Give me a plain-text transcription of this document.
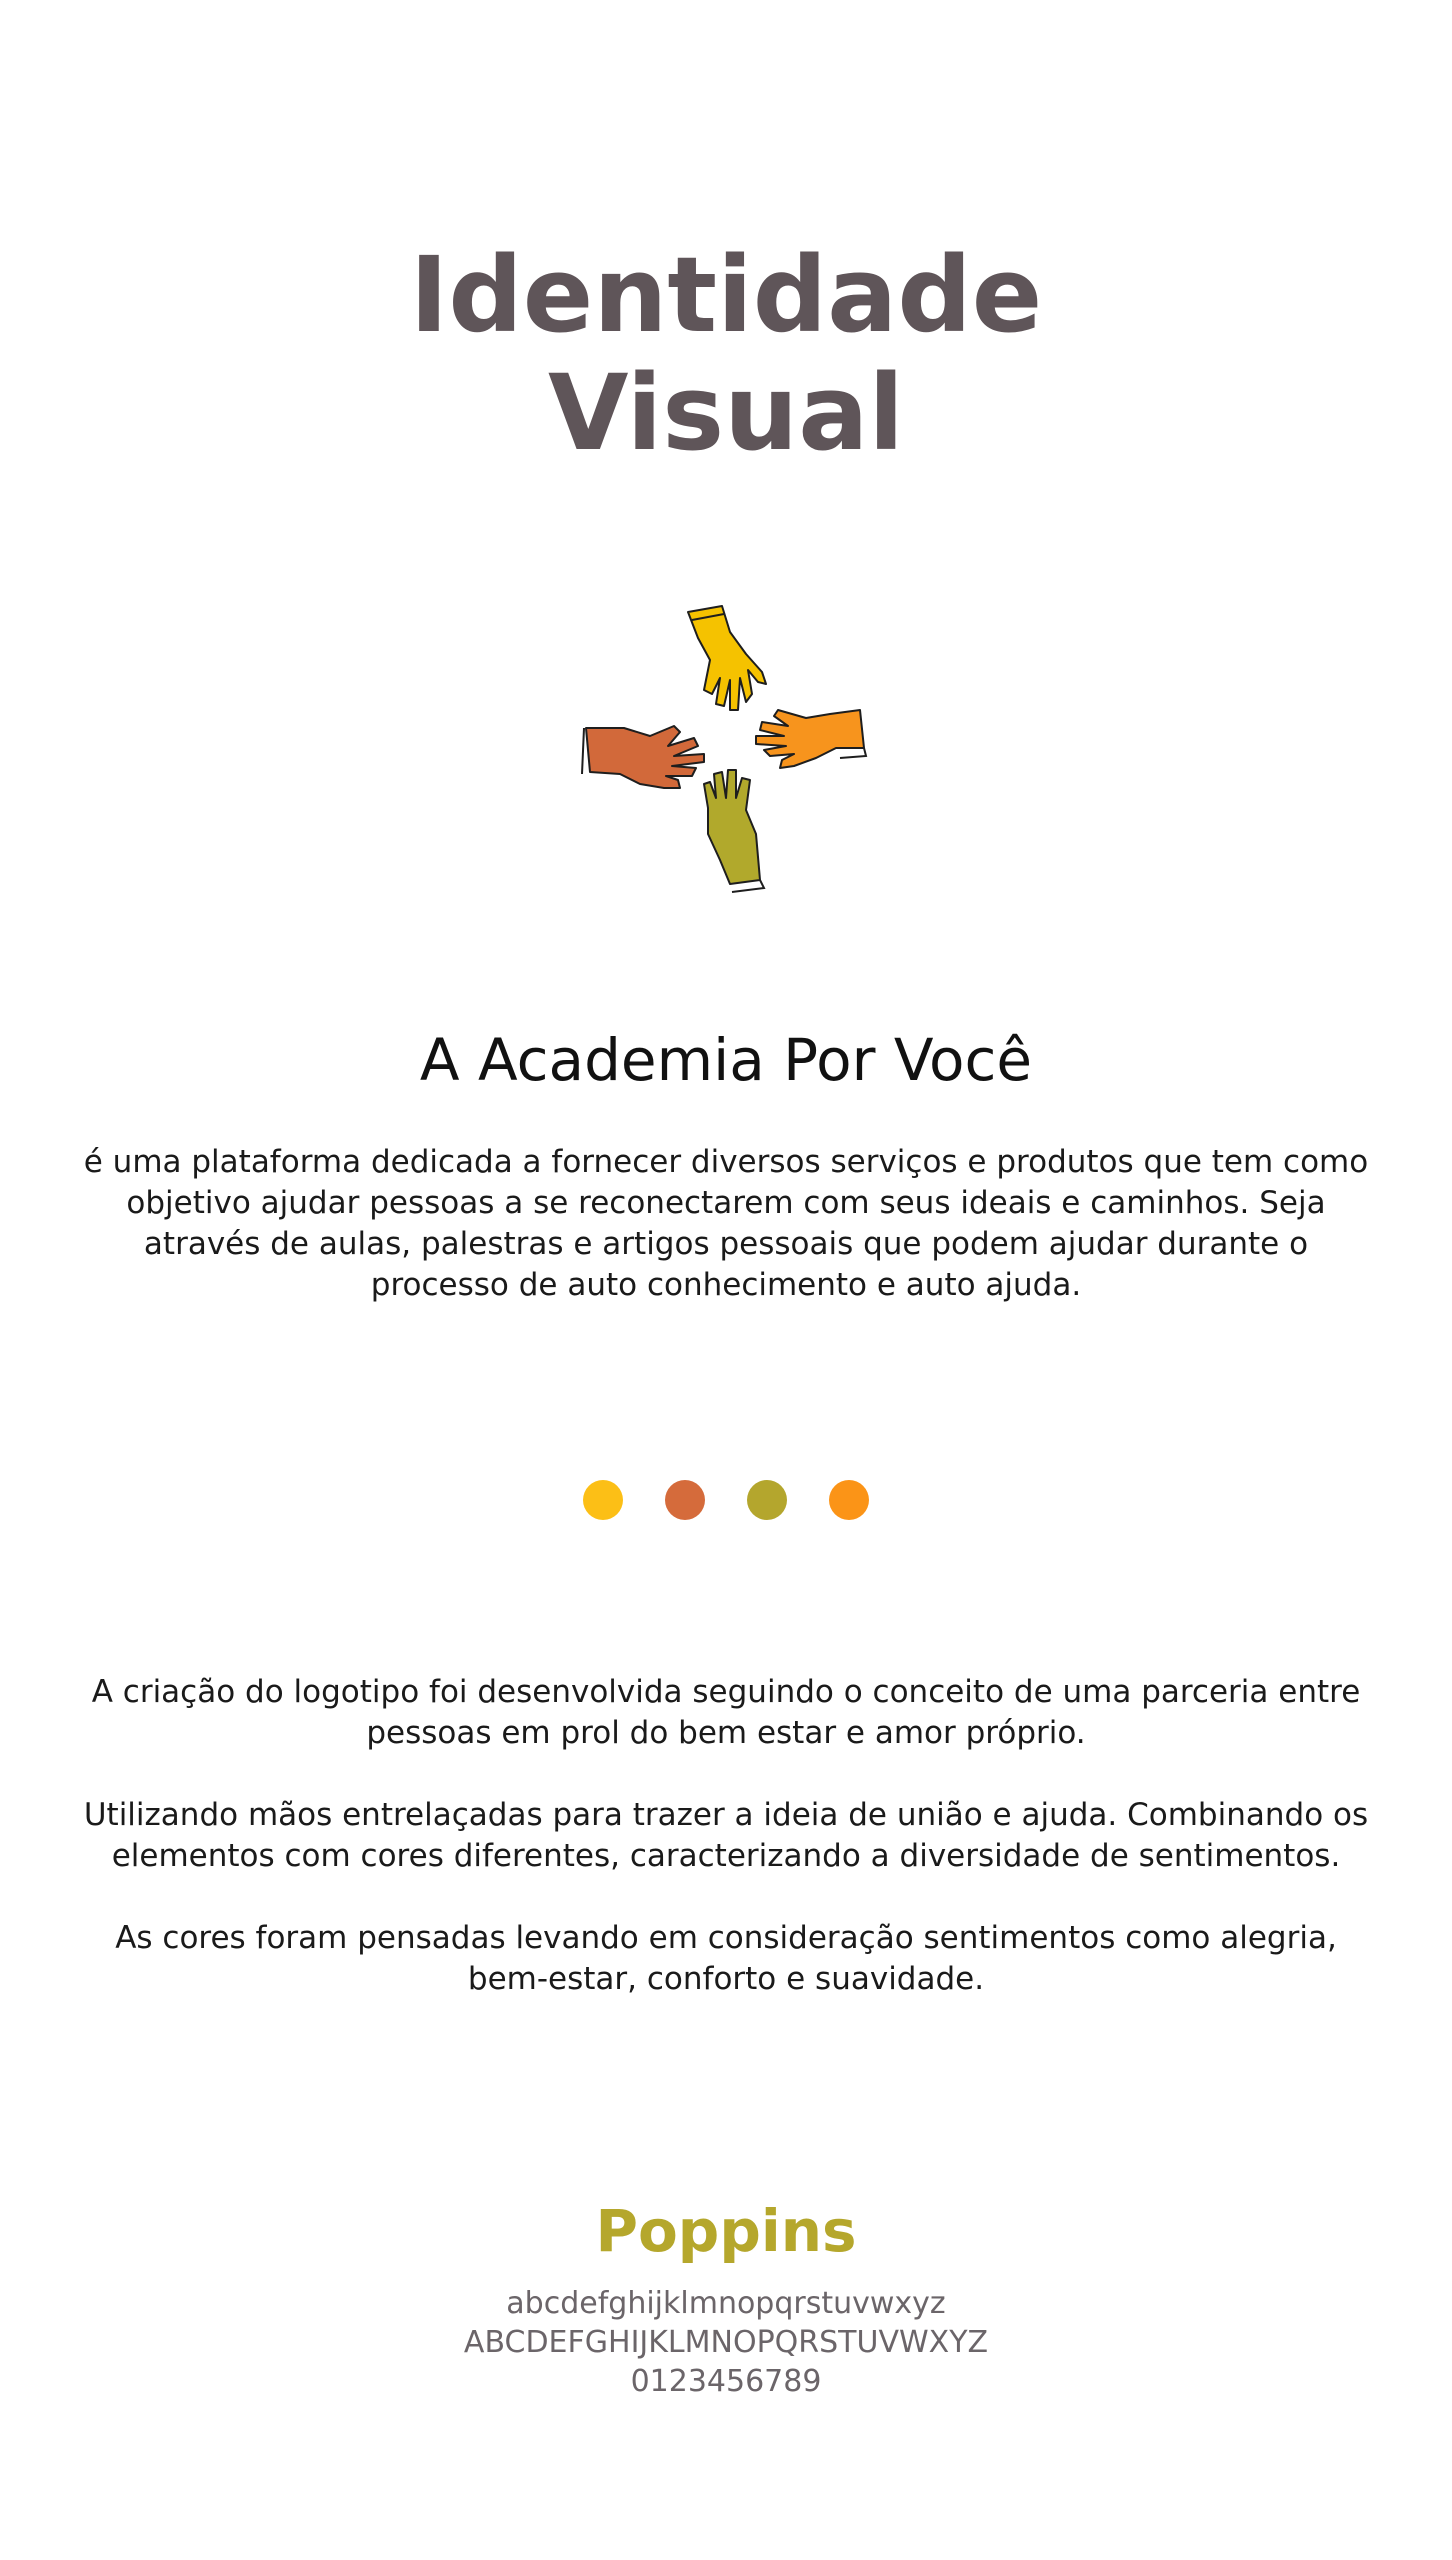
Identidade
Visual
A Academia Por Você

é uma plataforma dedicada a fornecer diversos serviços e produtos que tem como objetivo ajudar pessoas a se reconectarem com seus ideais e caminhos. Seja através de aulas, palestras e artigos pessoais que podem ajudar durante o processo de auto conhecimento e auto ajuda.

A criação do logotipo foi desenvolvida seguindo o conceito de uma parceria entre pessoas em prol do bem estar e amor próprio.

Utilizando mãos entrelaçadas para trazer a ideia de união e ajuda. Combinando os elementos com cores diferentes, caracterizando a diversidade de sentimentos.

As cores foram pensadas levando em consideração sentimentos como alegria, bem-estar, conforto e suavidade.

Poppins
abcdefghijklmnopqrstuvwxyz
ABCDEFGHIJKLMNOPQRSTUVWXYZ
0123456789
